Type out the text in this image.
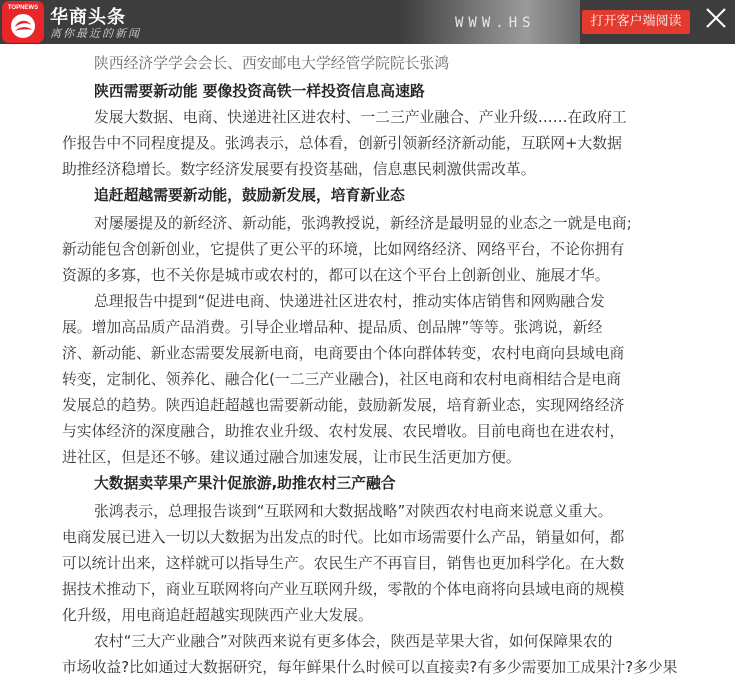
WWW.HS
TOPNEWS 华商头条
离你最近的新闻
打开客户端阅读
陕西经济学学会会长、西安邮电大学经管学院院长张鸿
陕西需要新动能 要像投资高铁一样投资信息高速路
发展大数据、电商、快递进社区进农村、一二三产业融合、产业升级……在政府工
作报告中不同程度提及。张鸿表示，总体看，创新引领新经济新动能，互联网+大数据
助推经济稳增长。数字经济发展要有投资基础，信息惠民刺激供需改革。
追赶超越需要新动能，鼓励新发展，培育新业态
对屡屡提及的新经济、新动能，张鸿教授说，新经济是最明显的业态之一就是电商;
新动能包含创新创业，它提供了更公平的环境，比如网络经济、网络平台，不论你拥有
资源的多寡，也不关你是城市或农村的，都可以在这个平台上创新创业、施展才华。
总理报告中提到“促进电商、快递进社区进农村，推动实体店销售和网购融合发
展。增加高品质产品消费。引导企业增品种、提品质、创品牌”等等。张鸿说，新经
济、新动能、新业态需要发展新电商，电商要由个体向群体转变，农村电商向县域电商
转变，定制化、领养化、融合化(一二三产业融合)，社区电商和农村电商相结合是电商
发展总的趋势。陕西追赶超越也需要新动能，鼓励新发展，培育新业态，实现网络经济
与实体经济的深度融合，助推农业升级、农村发展、农民增收。目前电商也在进农村，
进社区，但是还不够。建议通过融合加速发展，让市民生活更加方便。
大数据卖苹果产果汁促旅游,助推农村三产融合
张鸿表示，总理报告谈到“互联网和大数据战略”对陕西农村电商来说意义重大。
电商发展已进入一切以大数据为出发点的时代。比如市场需要什么产品，销量如何，都
可以统计出来，这样就可以指导生产。农民生产不再盲目，销售也更加科学化。在大数
据技术推动下，商业互联网将向产业互联网升级，零散的个体电商将向县域电商的规模
化升级，用电商追赶超越实现陕西产业大发展。
农村“三大产业融合”对陕西来说有更多体会，陕西是苹果大省，如何保障果农的
市场收益?比如通过大数据研究，每年鲜果什么时候可以直接卖?有多少需要加工成果汁?多少果
